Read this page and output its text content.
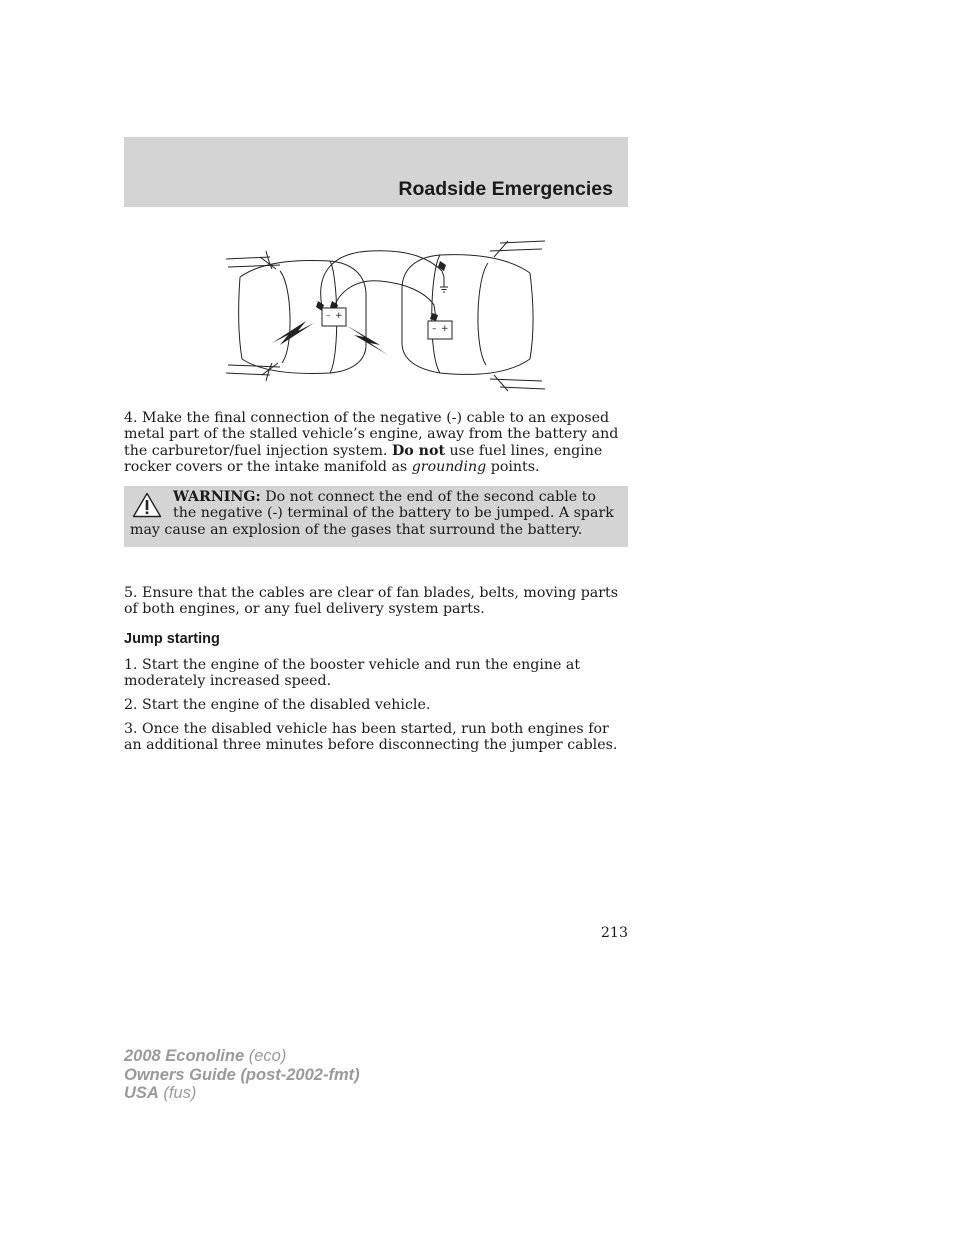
Roadside Emergencies
– +
– +

4. Make the final connection of the negative (-) cable to an exposed metal part of the stalled vehicle’s engine, away from the battery and the carburetor/fuel injection system. Do not use fuel lines, engine rocker covers or the intake manifold as grounding points.

WARNING: Do not connect the end of the second cable to the negative (-) terminal of the battery to be jumped. A spark may cause an explosion of the gases that surround the battery.

5. Ensure that the cables are clear of fan blades, belts, moving parts of both engines, or any fuel delivery system parts.

Jump starting

1. Start the engine of the booster vehicle and run the engine at moderately increased speed.

2. Start the engine of the disabled vehicle.

3. Once the disabled vehicle has been started, run both engines for an additional three minutes before disconnecting the jumper cables.

213
2008 Econoline (eco)
Owners Guide (post-2002-fmt)
USA (fus)
